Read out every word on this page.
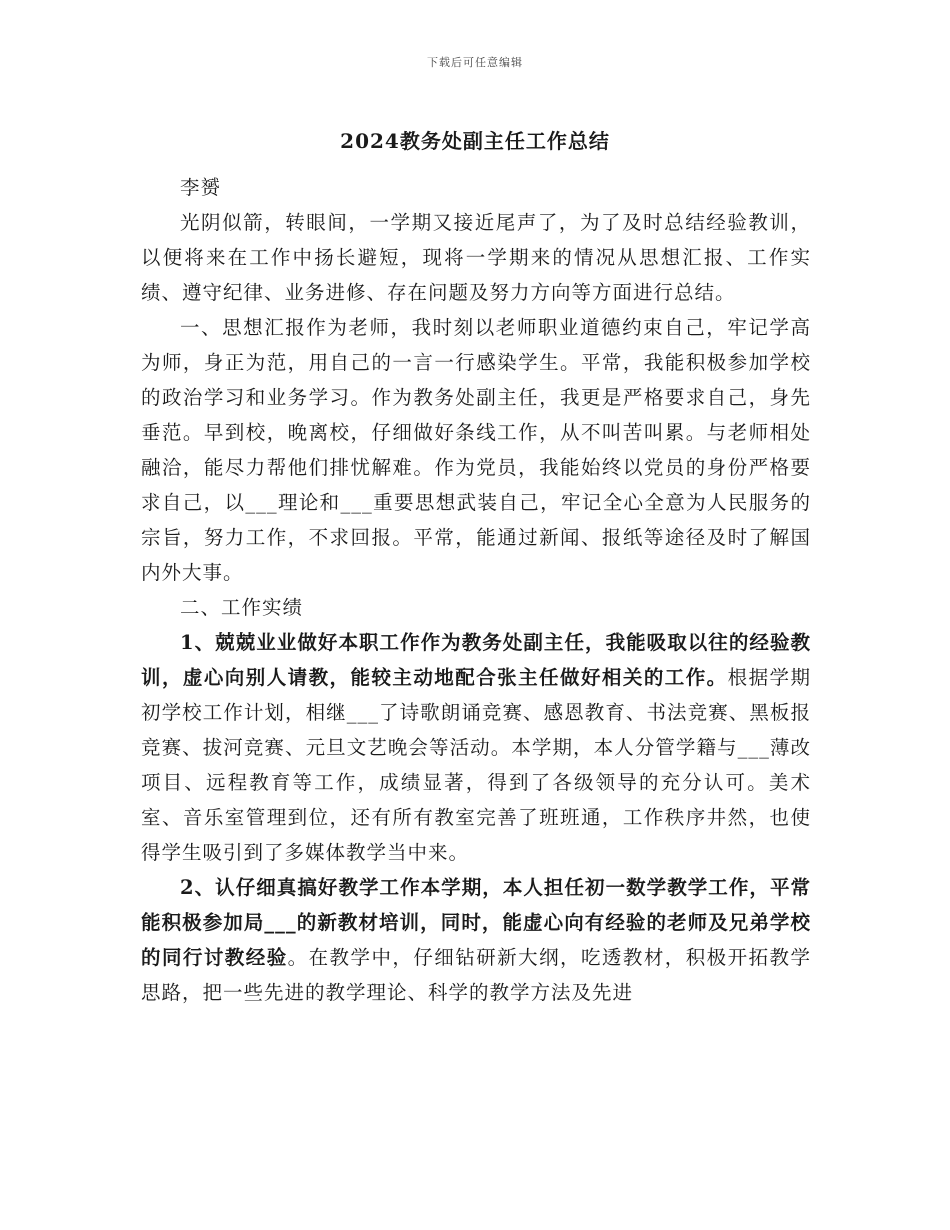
下载后可任意编辑
2024教务处副主任工作总结

李赟

光阴似箭，转眼间，一学期又接近尾声了，为了及时总结经验教训，以便将来在工作中扬长避短，现将一学期来的情况从思想汇报、工作实绩、遵守纪律、业务进修、存在问题及努力方向等方面进行总结。

一、思想汇报作为老师，我时刻以老师职业道德约束自己，牢记学高为师，身正为范，用自己的一言一行感染学生。平常，我能积极参加学校的政治学习和业务学习。作为教务处副主任，我更是严格要求自己，身先垂范。早到校，晚离校，仔细做好条线工作，从不叫苦叫累。与老师相处融洽，能尽力帮他们排忧解难。作为党员，我能始终以党员的身份严格要求自己，以___理论和___重要思想武装自己，牢记全心全意为人民服务的宗旨，努力工作，不求回报。平常，能通过新闻、报纸等途径及时了解国内外大事。

二、工作实绩

1、兢兢业业做好本职工作作为教务处副主任，我能吸取以往的经验教训，虚心向别人请教，能较主动地配合张主任做好相关的工作。根据学期初学校工作计划，相继___了诗歌朗诵竞赛、感恩教育、书法竞赛、黑板报竞赛、拔河竞赛、元旦文艺晚会等活动。本学期，本人分管学籍与___薄改项目、远程教育等工作，成绩显著，得到了各级领导的充分认可。美术室、音乐室管理到位，还有所有教室完善了班班通，工作秩序井然，也使得学生吸引到了多媒体教学当中来。

2、认仔细真搞好教学工作本学期，本人担任初一数学教学工作，平常能积极参加局___的新教材培训，同时，能虚心向有经验的老师及兄弟学校的同行讨教经验。在教学中，仔细钻研新大纲，吃透教材，积极开拓教学思路，把一些先进的教学理论、科学的教学方法及先进
